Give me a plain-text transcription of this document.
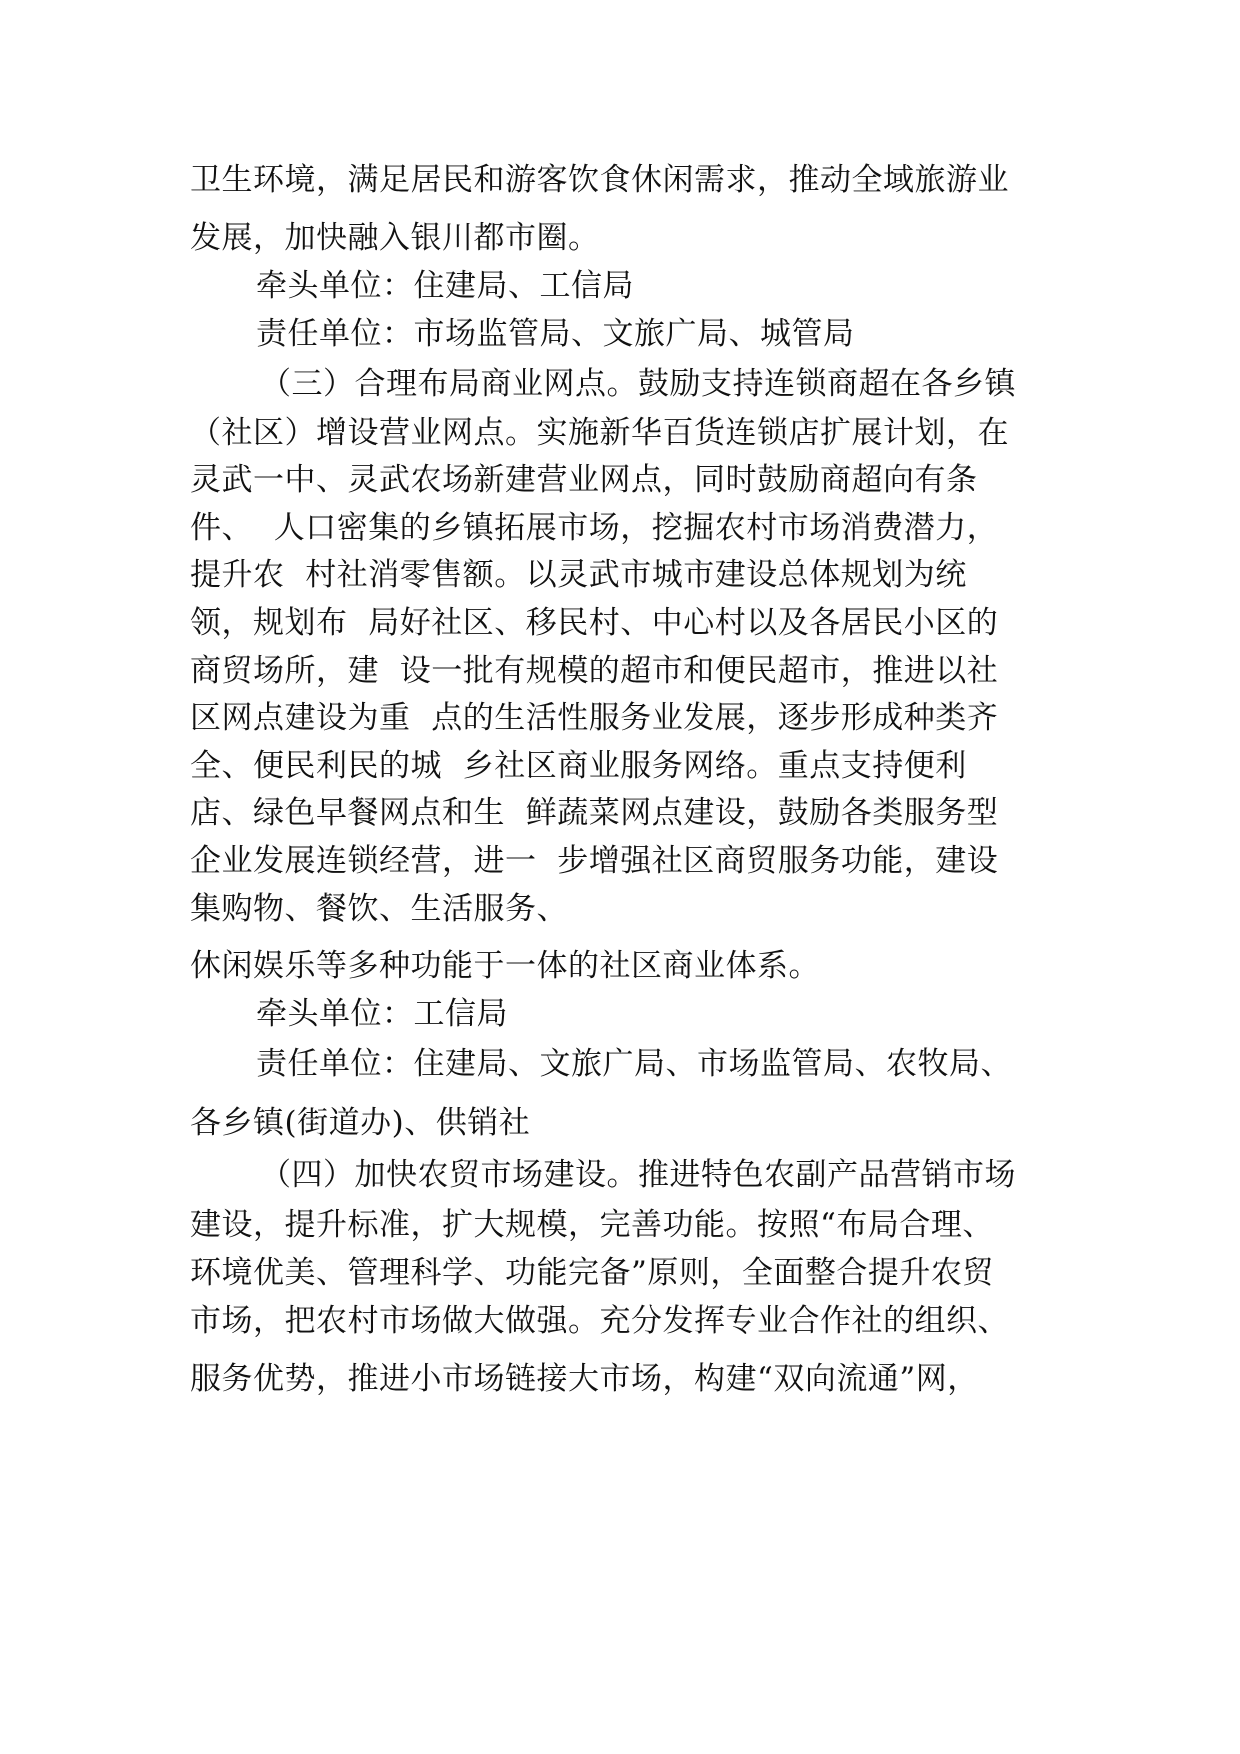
卫生环境，满足居民和游客饮食休闲需求，推动全域旅游业
发展，加快融入银川都市圈。
牵头单位：住建局、工信局
责任单位：市场监管局、文旅广局、城管局
（三）合理布局商业网点。鼓励支持连锁商超在各乡镇
（社区）增设营业网点。实施新华百货连锁店扩展计划，在
灵武一中、灵武农场新建营业网点，同时鼓励商超向有条
件、  人口密集的乡镇拓展市场，挖掘农村市场消费潜力，
提升农  村社消零售额。以灵武市城市建设总体规划为统
领，规划布  局好社区、移民村、中心村以及各居民小区的
商贸场所，建  设一批有规模的超市和便民超市，推进以社
区网点建设为重  点的生活性服务业发展，逐步形成种类齐
全、便民利民的城  乡社区商业服务网络。重点支持便利
店、绿色早餐网点和生  鲜蔬菜网点建设，鼓励各类服务型
企业发展连锁经营，进一  步增强社区商贸服务功能，建设
集购物、餐饮、生活服务、
休闲娱乐等多种功能于一体的社区商业体系。
牵头单位：工信局
责任单位：住建局、文旅广局、市场监管局、农牧局、
各乡镇(街道办)、供销社
（四）加快农贸市场建设。推进特色农副产品营销市场
建设，提升标准，扩大规模，完善功能。按照“布局合理、
环境优美、管理科学、功能完备”原则，全面整合提升农贸
市场，把农村市场做大做强。充分发挥专业合作社的组织、
服务优势，推进小市场链接大市场，构建“双向流通”网，
